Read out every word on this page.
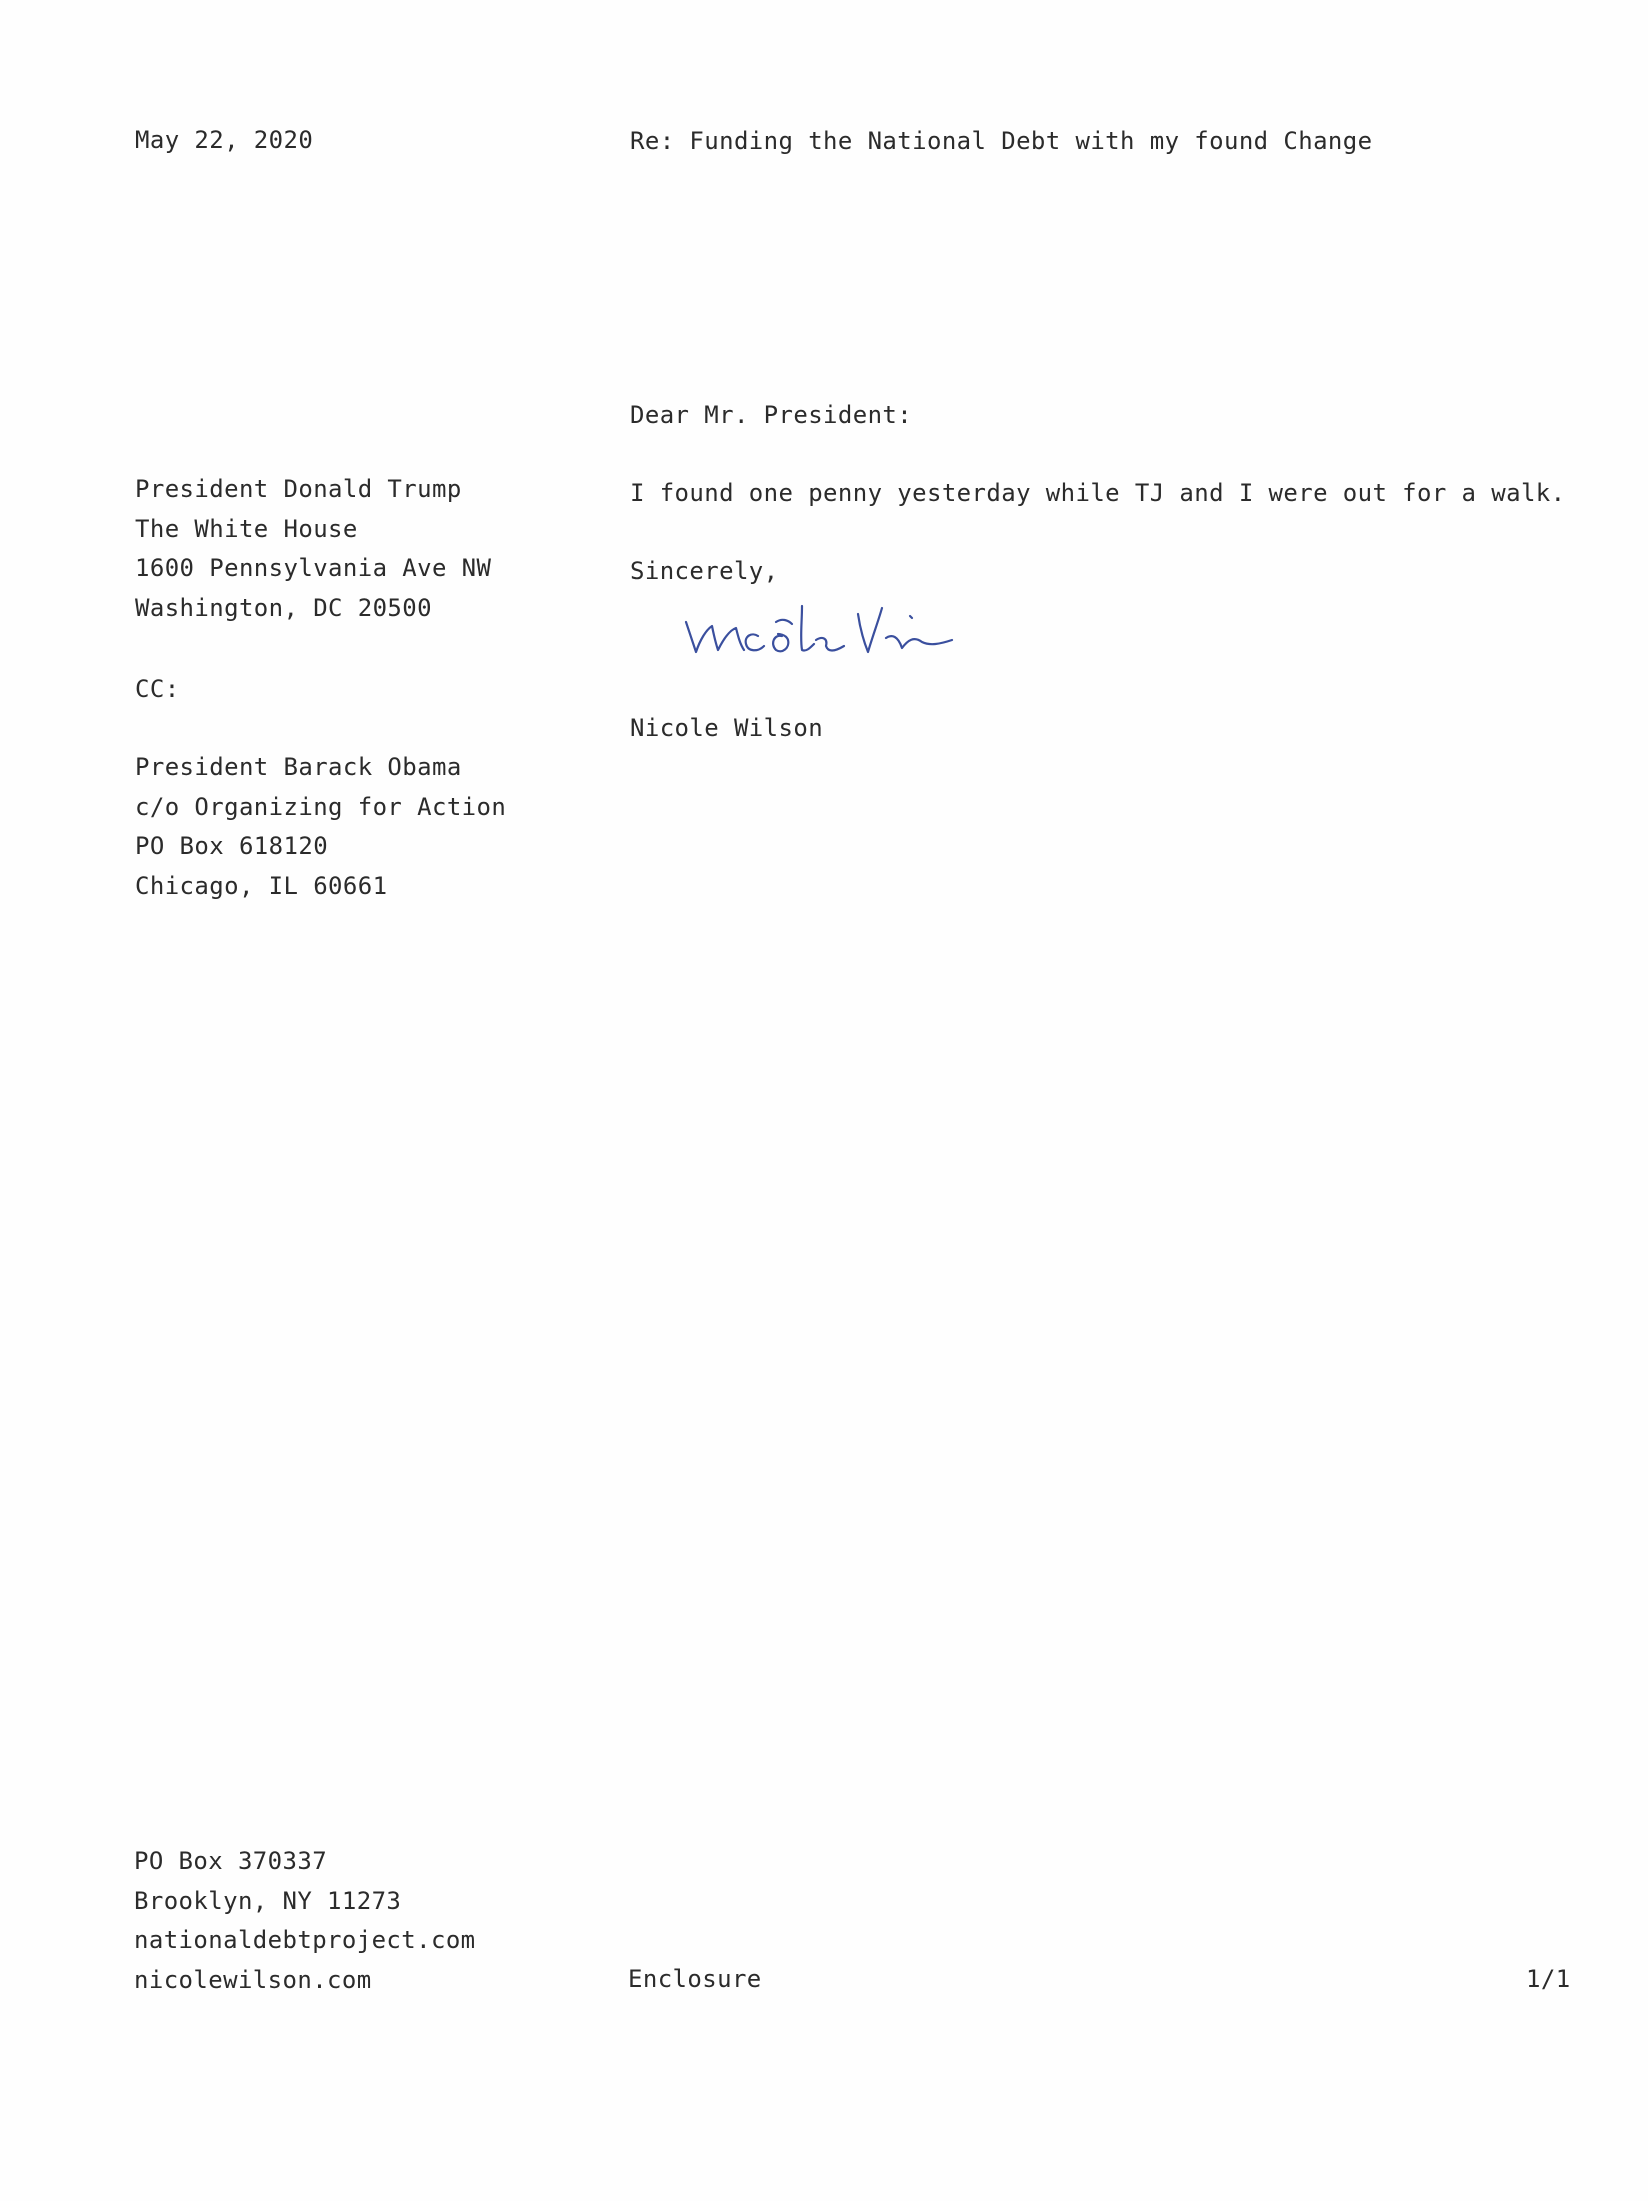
May 22, 2020	Re: Funding the National Debt with my found Change
Dear Mr. President:
President Donald Trump
The White House
1600 Pennsylvania Ave NW
Washington, DC 20500
I found one penny yesterday while TJ and I were out for a walk.
Sincerely,
CC:
Nicole Wilson
President Barack Obama
c/o Organizing for Action
PO Box 618120
Chicago, IL 60661
PO Box 370337
Brooklyn, NY 11273
nationaldebtproject.com
nicolewilson.com	Enclosure	1/1
